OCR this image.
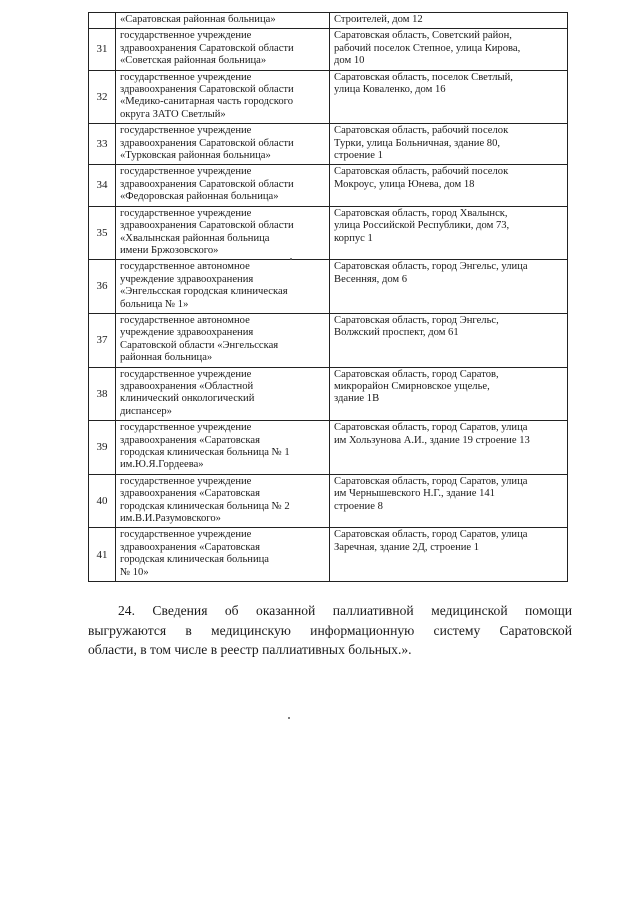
	«Саратовская районная больница»	Строителей, дом 12

31	государственное учреждение
здравоохранения Саратовской области
«Советская районная больница»	Саратовская область, Советский район,
рабочий поселок Степное, улица Кирова,
дом 10

32	государственное учреждение
здравоохранения Саратовской области
«Медико-санитарная часть городского
округа ЗАТО Светлый»	Саратовская область, поселок Светлый,
улица Коваленко, дом 16

33	государственное учреждение
здравоохранения Саратовской области
«Турковская районная больница»	Саратовская область, рабочий поселок
Турки, улица Больничная, здание 80,
строение 1

34	государственное учреждение
здравоохранения Саратовской области
«Федоровская районная больница»	Саратовская область, рабочий поселок
Мокроус, улица Юнева, дом 18

35	государственное учреждение
здравоохранения Саратовской области
«Хвалынская районная больница
имени Бржозовского»	Саратовская область, город Хвалынск,
улица Российской Республики, дом 73,
корпус 1

36	государственное автономное
учреждение здравоохранения
«Энгельсская городская клиническая
больница № 1»	Саратовская область, город Энгельс, улица
Весенняя, дом 6

37	государственное автономное
учреждение здравоохранения
Саратовской области «Энгельсская
районная больница»	Саратовская область, город Энгельс,
Волжский проспект, дом 61

38	государственное учреждение
здравоохранения «Областной
клинический онкологический
диспансер»	Саратовская область, город Саратов,
микрорайон Смирновское ущелье,
здание 1В

39	государственное учреждение
здравоохранения «Саратовская
городская клиническая больница № 1
им.Ю.Я.Гордеева»	Саратовская область, город Саратов, улица
им Хользунова А.И., здание 19 строение 13

40	государственное учреждение
здравоохранения «Саратовская
городская клиническая больница № 2
им.В.И.Разумовского»	Саратовская область, город Саратов, улица
им Чернышевского Н.Г., здание 141
строение 8

41	государственное учреждение
здравоохранения «Саратовская
городская клиническая больница
№ 10»	Саратовская область, город Саратов, улица
Заречная, здание 2Д, строение 1
24. Сведения об оказанной паллиативной медицинской помощи
выгружаются в медицинскую информационную систему Саратовской
области, в том числе в реестр паллиативных больных.».
